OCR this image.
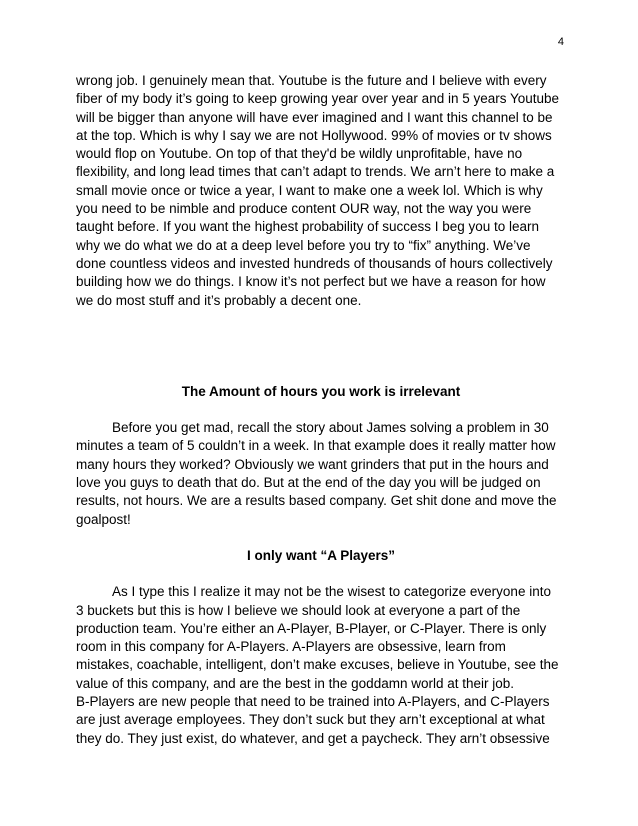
4
wrong job. I genuinely mean that. Youtube is the future and I believe with every
fiber of my body it’s going to keep growing year over year and in 5 years Youtube
will be bigger than anyone will have ever imagined and I want this channel to be
at the top. Which is why I say we are not Hollywood. 99% of movies or tv shows
would flop on Youtube. On top of that they'd be wildly unprofitable, have no
flexibility, and long lead times that can’t adapt to trends. We arn’t here to make a
small movie once or twice a year, I want to make one a week lol. Which is why
you need to be nimble and produce content OUR way, not the way you were
taught before. If you want the highest probability of success I beg you to learn
why we do what we do at a deep level before you try to “fix” anything. We’ve
done countless videos and invested hundreds of thousands of hours collectively
building how we do things. I know it’s not perfect but we have a reason for how
we do most stuff and it’s probably a decent one.
The Amount of hours you work is irrelevant
Before you get mad, recall the story about James solving a problem in 30
minutes a team of 5 couldn’t in a week. In that example does it really matter how
many hours they worked? Obviously we want grinders that put in the hours and
love you guys to death that do. But at the end of the day you will be judged on
results, not hours. We are a results based company. Get shit done and move the
goalpost!
I only want “A Players”
As I type this I realize it may not be the wisest to categorize everyone into
3 buckets but this is how I believe we should look at everyone a part of the
production team. You’re either an A-Player, B-Player, or C-Player. There is only
room in this company for A-Players. A-Players are obsessive, learn from
mistakes, coachable, intelligent, don’t make excuses, believe in Youtube, see the
value of this company, and are the best in the goddamn world at their job.
B-Players are new people that need to be trained into A-Players, and C-Players
are just average employees. They don’t suck but they arn’t exceptional at what
they do. They just exist, do whatever, and get a paycheck. They arn’t obsessive
